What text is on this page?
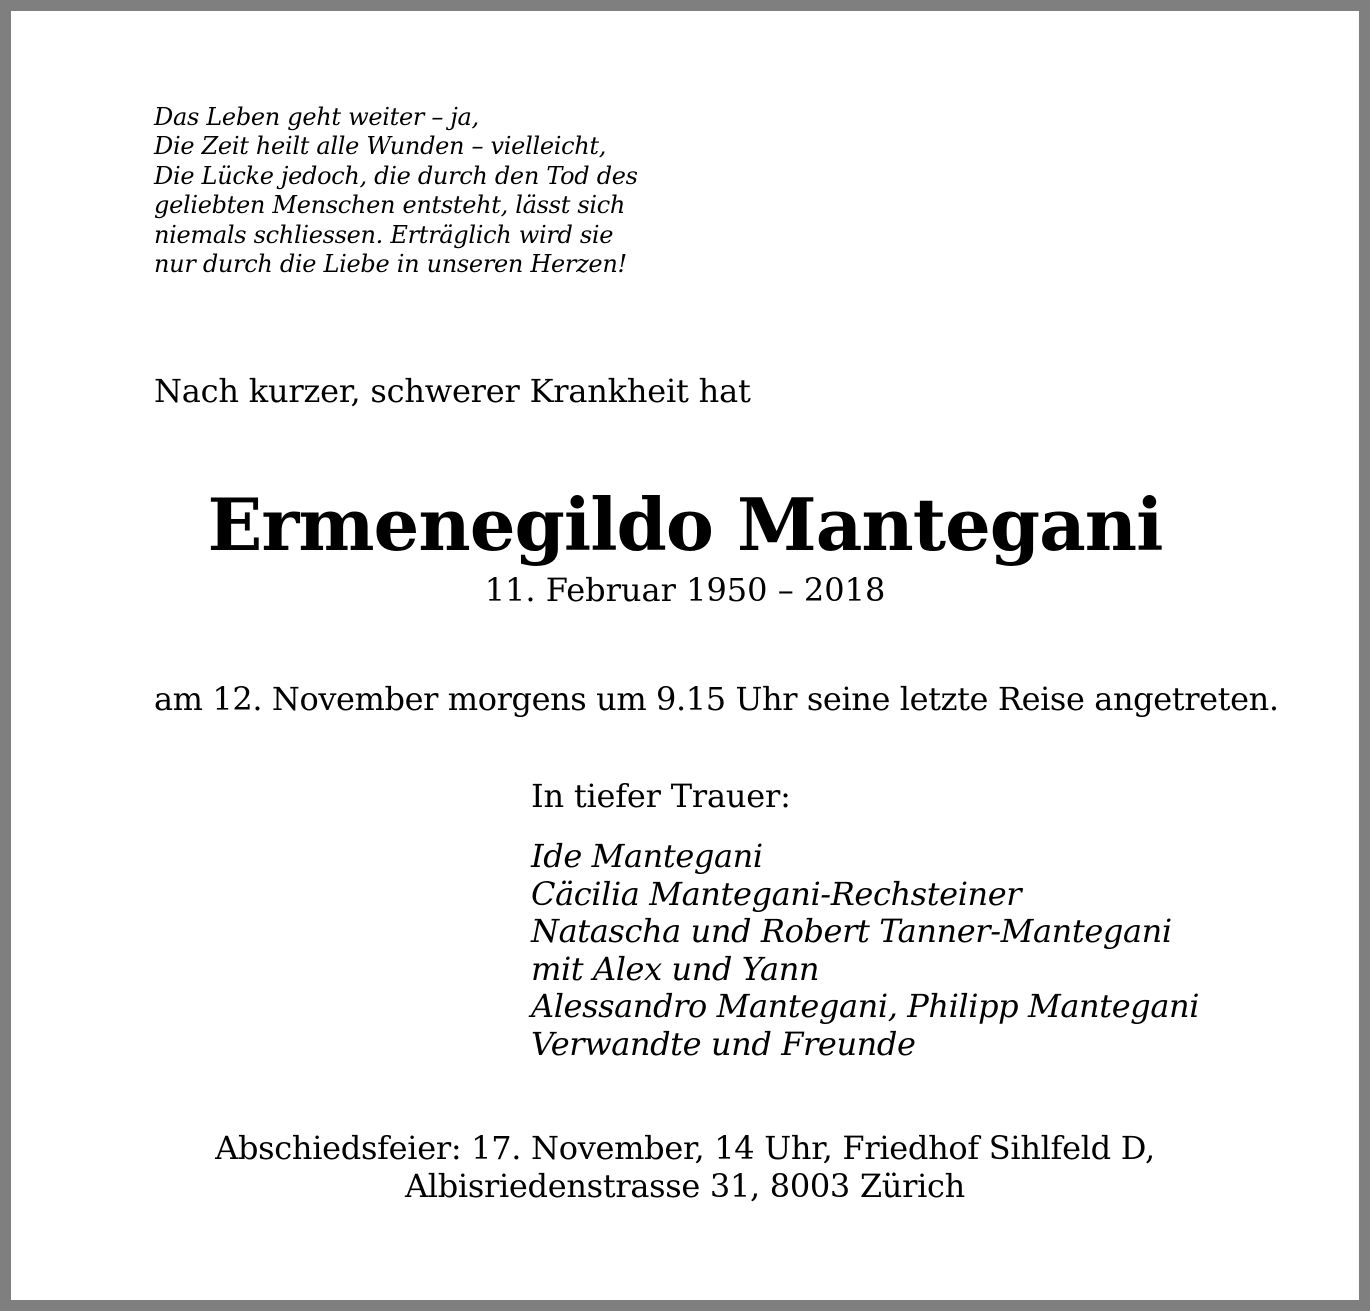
Das Leben geht weiter – ja,
Die Zeit heilt alle Wunden – vielleicht,
Die Lücke jedoch, die durch den Tod des
geliebten Menschen entsteht, lässt sich
niemals schliessen. Erträglich wird sie
nur durch die Liebe in unseren Herzen!
Nach kurzer, schwerer Krankheit hat
Ermenegildo Mantegani
11. Februar 1950 – 2018
am 12. November morgens um 9.15 Uhr seine letzte Reise angetreten.
In tiefer Trauer:
Ide Mantegani
Cäcilia Mantegani-Rechsteiner
Natascha und Robert Tanner-Mantegani
mit Alex und Yann
Alessandro Mantegani, Philipp Mantegani
Verwandte und Freunde
Abschiedsfeier: 17. November, 14 Uhr, Friedhof Sihlfeld D,
Albisriedenstrasse 31, 8003 Zürich
